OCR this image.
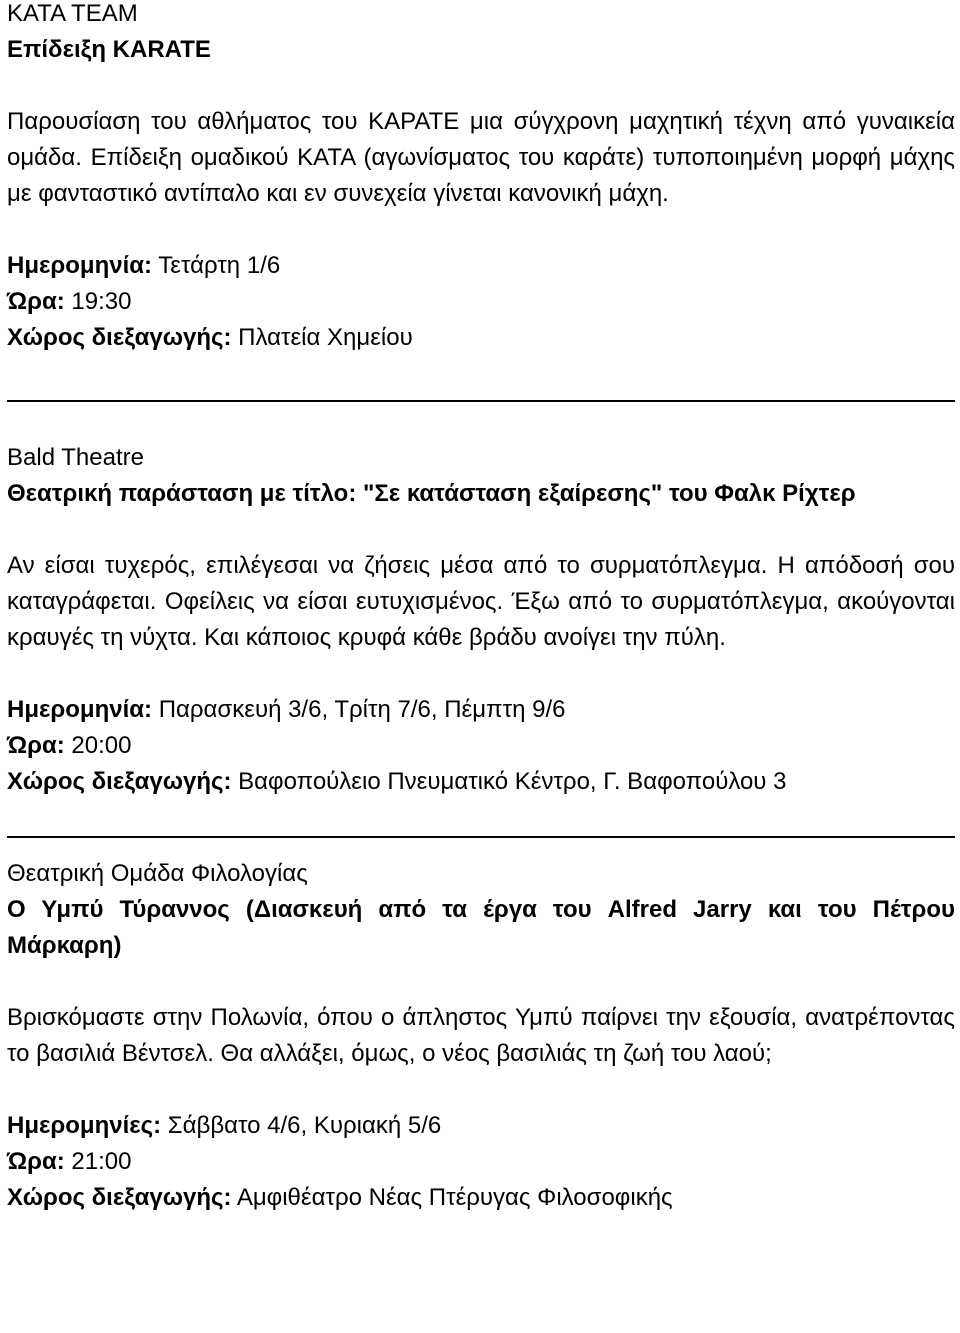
KATA TEAM
Επίδειξη KARATE
Παρουσίαση του αθλήματος του ΚΑΡΑΤΕ μια σύγχρονη μαχητική τέχνη από γυναικεία ομάδα. Επίδειξη ομαδικού ΚΑΤΑ (αγωνίσματος του καράτε) τυποποιημένη μορφή μάχης με φανταστικό αντίπαλο και εν συνεχεία γίνεται κανονική μάχη.
Ημερομηνία: Τετάρτη 1/6
Ώρα: 19:30
Χώρος διεξαγωγής: Πλατεία Χημείου
Bald Theatre
Θεατρική παράσταση με τίτλο: "Σε κατάσταση εξαίρεσης" του Φαλκ Ρίχτερ
Αν είσαι τυχερός, επιλέγεσαι να ζήσεις μέσα από το συρματόπλεγμα. Η απόδοσή σου καταγράφεται. Οφείλεις να είσαι ευτυχισμένος. Έξω από το συρματόπλεγμα, ακούγονται κραυγές τη νύχτα. Και κάποιος κρυφά κάθε βράδυ ανοίγει την πύλη.
Ημερομηνία: Παρασκευή 3/6, Τρίτη 7/6, Πέμπτη 9/6
Ώρα: 20:00
Χώρος διεξαγωγής: Βαφοπούλειο Πνευματικό Κέντρο, Γ. Βαφοπούλου 3
Θεατρική Ομάδα Φιλολογίας
Ο Υμπύ Τύραννος (Διασκευή από τα έργα του Alfred Jarry και του Πέτρου Μάρκαρη)
Βρισκόμαστε στην Πολωνία, όπου ο άπληστος Υμπύ παίρνει την εξουσία, ανατρέποντας το βασιλιά Βέντσελ. Θα αλλάξει, όμως, ο νέος βασιλιάς τη ζωή του λαού;
Ημερομηνίες: Σάββατο 4/6, Κυριακή 5/6
Ώρα: 21:00
Χώρος διεξαγωγής: Αμφιθέατρο Νέας Πτέρυγας Φιλοσοφικής
